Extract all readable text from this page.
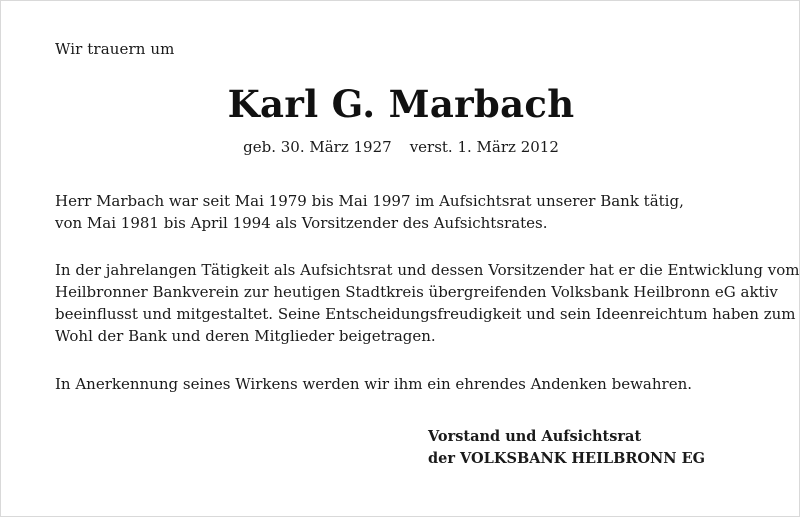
Wir trauern um
Karl G. Marbach
geb. 30. März 1927 verst. 1. März 2012

Herr Marbach war seit Mai 1979 bis Mai 1997 im Aufsichtsrat unserer Bank tätig,
von Mai 1981 bis April 1994 als Vorsitzender des Aufsichtsrates.

In der jahrelangen Tätigkeit als Aufsichtsrat und dessen Vorsitzender hat er die Entwicklung vom
Heilbronner Bankverein zur heutigen Stadtkreis übergreifenden Volksbank Heilbronn eG aktiv
beeinflusst und mitgestaltet. Seine Entscheidungsfreudigkeit und sein Ideenreichtum haben zum
Wohl der Bank und deren Mitglieder beigetragen.

In Anerkennung seines Wirkens werden wir ihm ein ehrendes Andenken bewahren.

Vorstand und Aufsichtsrat
der VOLKSBANK HEILBRONN EG
